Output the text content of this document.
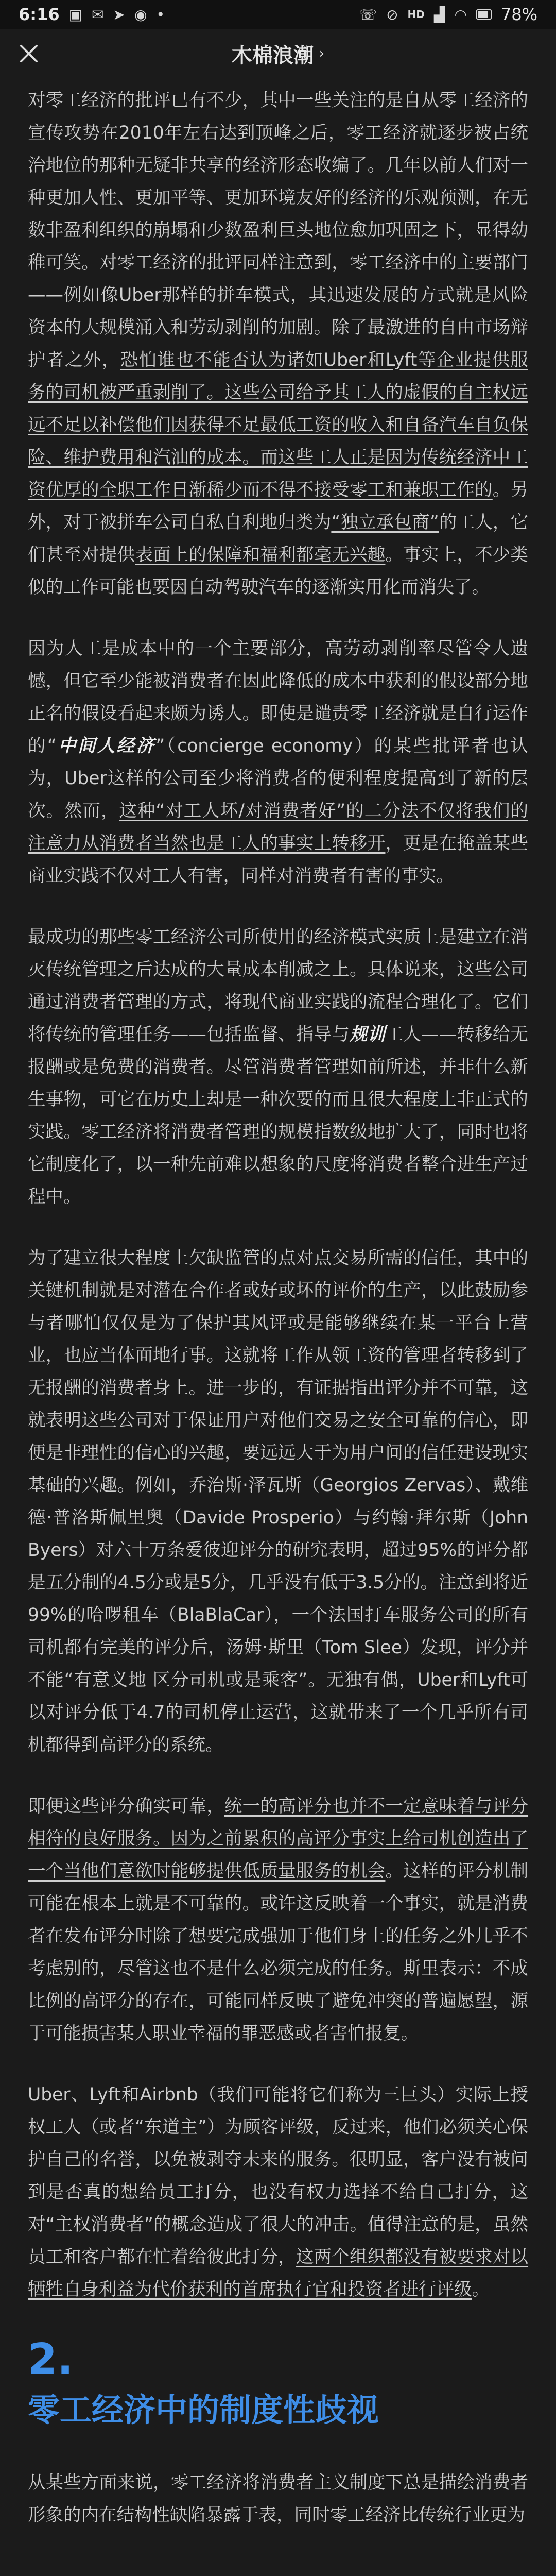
6:16 ▣ ✉ ➤ ◉ •	☏ ⊘ HD ▟ ◠ 78%
木棉浪潮 ›

对零工经济的批评已有不少，其中一些关注的是自从零工经济的宣传攻势在2010年左右达到顶峰之后，零工经济就逐步被占统治地位的那种无疑非共享的经济形态收编了。几年以前人们对一种更加人性、更加平等、更加环境友好的经济的乐观预测，在无数非盈利组织的崩塌和少数盈利巨头地位愈加巩固之下，显得幼稚可笑。对零工经济的批评同样注意到，零工经济中的主要部门——例如像Uber那样的拼车模式，其迅速发展的方式就是风险资本的大规模涌入和劳动剥削的加剧。除了最激进的自由市场辩护者之外，恐怕谁也不能否认为诸如Uber和Lyft等企业提供服务的司机被严重剥削了。这些公司给予其工人的虚假的自主权远远不足以补偿他们因获得不足最低工资的收入和自备汽车自负保险、维护费用和汽油的成本。而这些工人正是因为传统经济中工资优厚的全职工作日渐稀少而不得不接受零工和兼职工作的。另外，对于被拼车公司自私自利地归类为“独立承包商”的工人，它们甚至对提供表面上的保障和福利都毫无兴趣。事实上，不少类似的工作可能也要因自动驾驶汽车的逐渐实用化而消失了。

因为人工是成本中的一个主要部分，高劳动剥削率尽管令人遗憾，但它至少能被消费者在因此降低的成本中获利的假设部分地正名的假设看起来颇为诱人。即使是谴责零工经济就是自行运作的“中间人经济”（concierge economy）的某些批评者也认为，Uber这样的公司至少将消费者的便利程度提高到了新的层次。然而，这种“对工人坏/对消费者好”的二分法不仅将我们的注意力从消费者当然也是工人的事实上转移开，更是在掩盖某些商业实践不仅对工人有害，同样对消费者有害的事实。

最成功的那些零工经济公司所使用的经济模式实质上是建立在消灭传统管理之后达成的大量成本削减之上。具体说来，这些公司通过消费者管理的方式，将现代商业实践的流程合理化了。它们将传统的管理任务——包括监督、指导与规训工人——转移给无报酬或是免费的消费者。尽管消费者管理如前所述，并非什么新生事物，可它在历史上却是一种次要的而且很大程度上非正式的实践。零工经济将消费者管理的规模指数级地扩大了，同时也将它制度化了，以一种先前难以想象的尺度将消费者整合进生产过程中。

为了建立很大程度上欠缺监管的点对点交易所需的信任，其中的关键机制就是对潜在合作者或好或坏的评价的生产，以此鼓励参与者哪怕仅仅是为了保护其风评或是能够继续在某一平台上营业，也应当体面地行事。这就将工作从领工资的管理者转移到了无报酬的消费者身上。进一步的，有证据指出评分并不可靠，这就表明这些公司对于保证用户对他们交易之安全可靠的信心，即便是非理性的信心的兴趣，要远远大于为用户间的信任建设现实基础的兴趣。例如，乔治斯·泽瓦斯（Georgios Zervas）、戴维德·普洛斯佩里奥（Davide Prosperio）与约翰·拜尔斯（John Byers）对六十万条爱彼迎评分的研究表明，超过95%的评分都是五分制的4.5分或是5分，几乎没有低于3.5分的。注意到将近99%的哈啰租车（BlaBlaCar），一个法国打车服务公司的所有司机都有完美的评分后，汤姆·斯里（Tom Slee）发现，评分并不能“有意义地 区分司机或是乘客”。无独有偶，Uber和Lyft可以对评分低于4.7的司机停止运营，这就带来了一个几乎所有司机都得到高评分的系统。

即便这些评分确实可靠，统一的高评分也并不一定意味着与评分相符的良好服务。因为之前累积的高评分事实上给司机创造出了一个当他们意欲时能够提供低质量服务的机会。这样的评分机制可能在根本上就是不可靠的。或许这反映着一个事实，就是消费者在发布评分时除了想要完成强加于他们身上的任务之外几乎不考虑别的，尽管这也不是什么必须完成的任务。斯里表示：不成比例的高评分的存在，可能同样反映了避免冲突的普遍愿望，源于可能损害某人职业幸福的罪恶感或者害怕报复。

Uber、Lyft和Airbnb（我们可能将它们称为三巨头）实际上授权工人（或者“东道主”）为顾客评级，反过来，他们必须关心保护自己的名誉，以免被剥夺未来的服务。很明显，客户没有被问到是否真的想给员工打分，也没有权力选择不给自己打分，这对“主权消费者”的概念造成了很大的冲击。值得注意的是，虽然员工和客户都在忙着给彼此打分，这两个组织都没有被要求对以牺牲自身利益为代价获利的首席执行官和投资者进行评级。

2.
零工经济中的制度性歧视

从某些方面来说，零工经济将消费者主义制度下总是描绘消费者形象的内在结构性缺陷暴露于表，同时零工经济比传统行业更为
